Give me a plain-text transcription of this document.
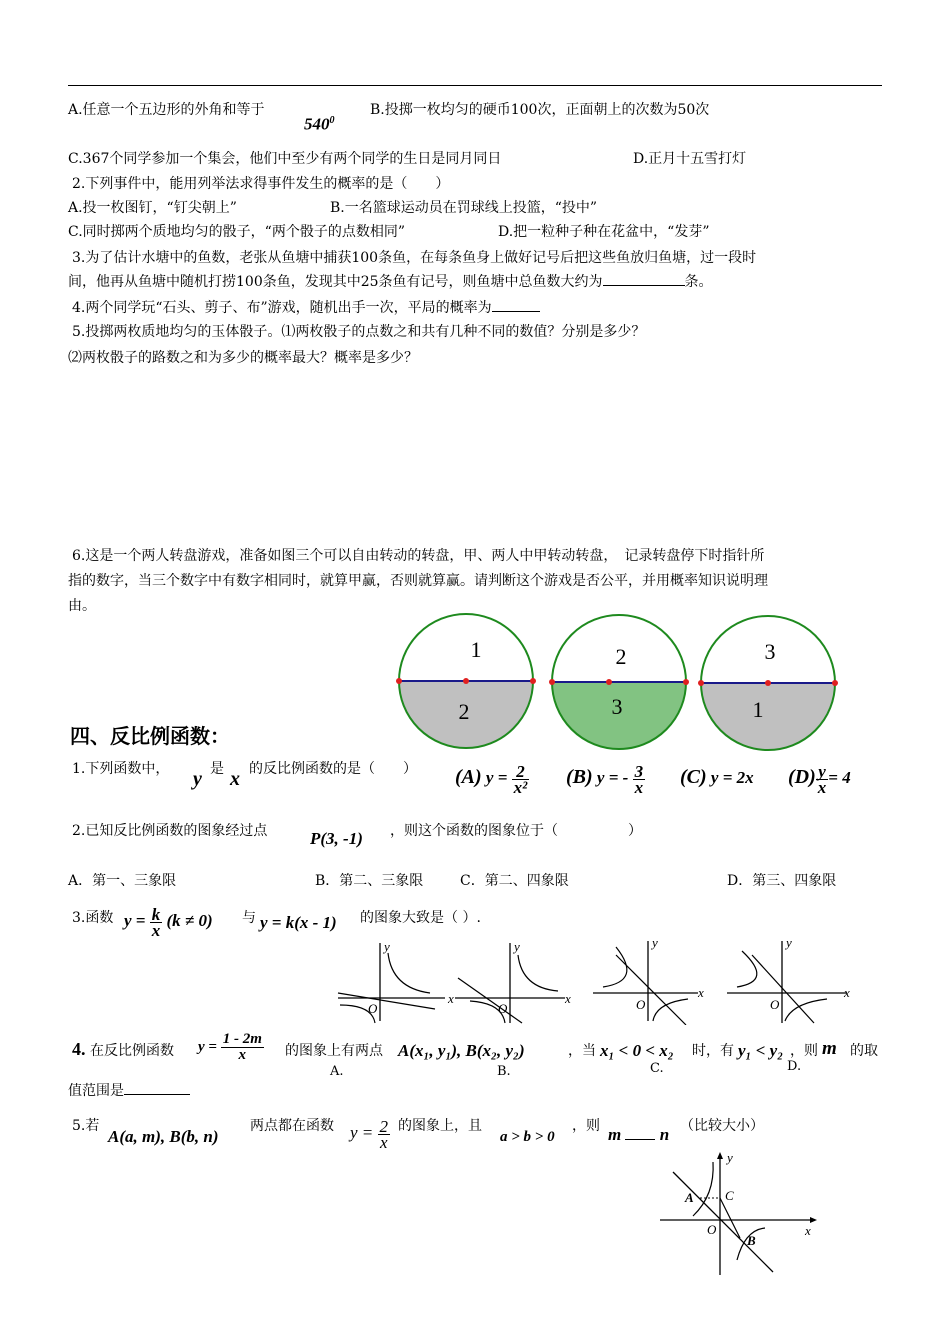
A.任意一个五边形的外角和等于
$540^0$
B.投掷一枚均匀的硬币100次，正面朝上的次数为50次
C.367个同学参加一个集会，他们中至少有两个同学的生日是同月同日	D.正月十五雪打灯
2.下列事件中，能用列举法求得事件发生的概率的是（　　）
A.投一枚图钉，“钉尖朝上”	B.一名篮球运动员在罚球线上投篮，“投中”
C.同时掷两个质地均匀的骰子，“两个骰子的点数相同”	D.把一粒种子种在花盆中，“发芽”
3.为了估计水塘中的鱼数，老张从鱼塘中捕获100条鱼，在每条鱼身上做好记号后把这些鱼放归鱼塘，过一段时
间，他再从鱼塘中随机打捞100条鱼，发现其中25条鱼有记号，则鱼塘中总鱼数大约为	条。
4.两个同学玩“石头、剪子、布”游戏，随机出手一次，平局的概率为
5.投掷两枚质地均匀的玉体骰子。⑴两枚骰子的点数之和共有几种不同的数值？分别是多少？
⑵两枚骰子的路数之和为多少的概率最大？概率是多少？
6.这是一个两人转盘游戏，准备如图三个可以自由转动的转盘，甲、两人中甲转动转盘，　记录转盘停下时指针所
指的数字，当三个数字中有数字相同时，就算甲赢，否则就算赢。请判断这个游戏是否公平，并用概率知识说明理
由。
1
2
2
3
3
1
四、反比例函数：
1.下列函数中， y 是 x 的反比例函数的是（　　） (A) $y = \frac{2}{\text{x²}} (B) y$ = - $\frac{3}{x} (C) y = 2x$ $(D) \frac{y}{x} = 4$
2.已知反比例函数的图象经过点	P(3, -1) ，则这个函数的图象位于（　　　　　）
A．第一、三象限	B．第二、三象限	C．第二、四象限	D．第三、四象限
3.函数 $y = \frac{k}{x} (k \ne 0)$ 与 y = k(x - 1) 的图象大致是（ ）.
x
y
O
x
y
O
x
y
O
x
y
O
4. 在反比例函数 $y = \frac{1 - 2m}{x}$ 的图象上有两点 A(x₁, y₁), B(x₂, y₂)	，当 x₁ < 0 < x₂ 时，有 y₁ < y₂ ，则 m 的取
A.	B.	C.	D.
值范围是
5.若
A(a, m), B(b, n)
两点都在函数 $y = \frac{2}{x}$ 的图象上，且
a > b > 0
，则 m n （比较大小）
A
B
C
O	x
y
